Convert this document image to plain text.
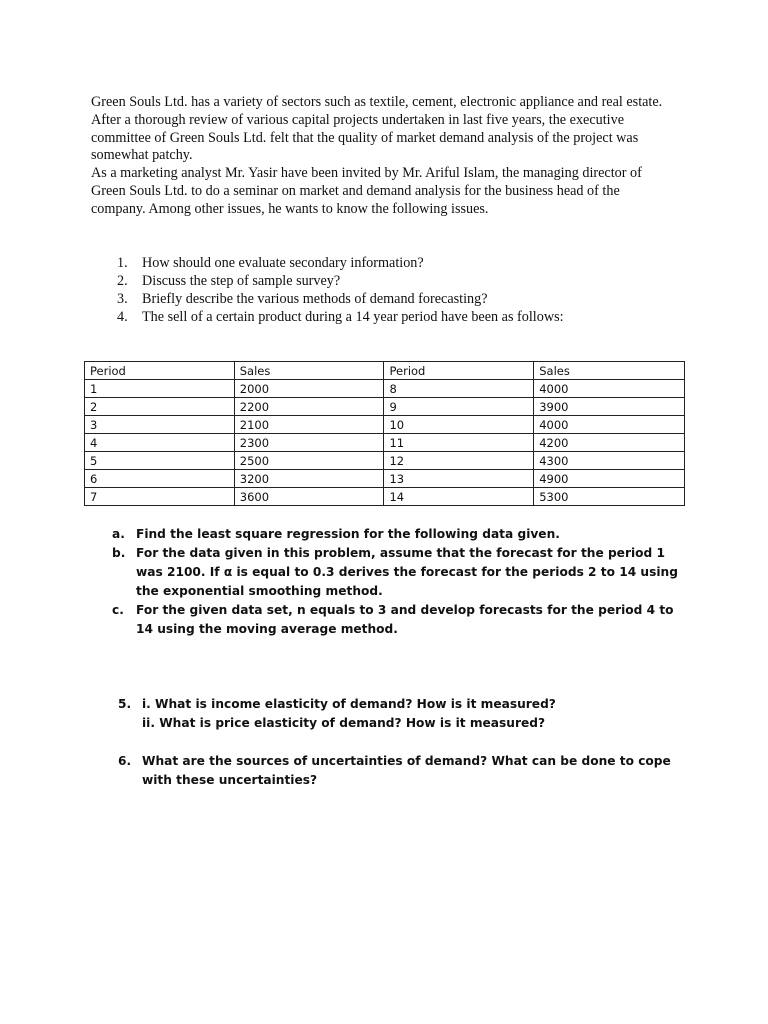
Green Souls Ltd. has a variety of sectors such as textile, cement, electronic appliance and real estate.

After a thorough review of various capital projects undertaken in last five years, the executive committee of Green Souls Ltd. felt that the quality of market demand analysis of the project was somewhat patchy.

As a marketing analyst Mr. Yasir have been invited by Mr. Ariful Islam, the managing director of Green Souls Ltd. to do a seminar on market and demand analysis for the business head of the company. Among other issues, he wants to know the following issues.

1. How should one evaluate secondary information?
2. Discuss the step of sample survey?
3. Briefly describe the various methods of demand forecasting?
4. The sell of a certain product during a 14 year period have been as follows:
Period	Sales	Period	Sales
1	2000	8	4000
2	2200	9	3900
3	2100	10	4000
4	2300	11	4200
5	2500	12	4300
6	3200	13	4900
7	3600	14	5300
a. Find the least square regression for the following data given.
b. For the data given in this problem, assume that the forecast for the period 1 was 2100. If α is equal to 0.3 derives the forecast for the periods 2 to 14 using the exponential smoothing method.
c. For the given data set, n equals to 3 and develop forecasts for the period 4 to 14 using the moving average method.
5. i. What is income elasticity of demand? How is it measured?
ii. What is price elasticity of demand? How is it measured?
6. What are the sources of uncertainties of demand? What can be done to cope with these uncertainties?
